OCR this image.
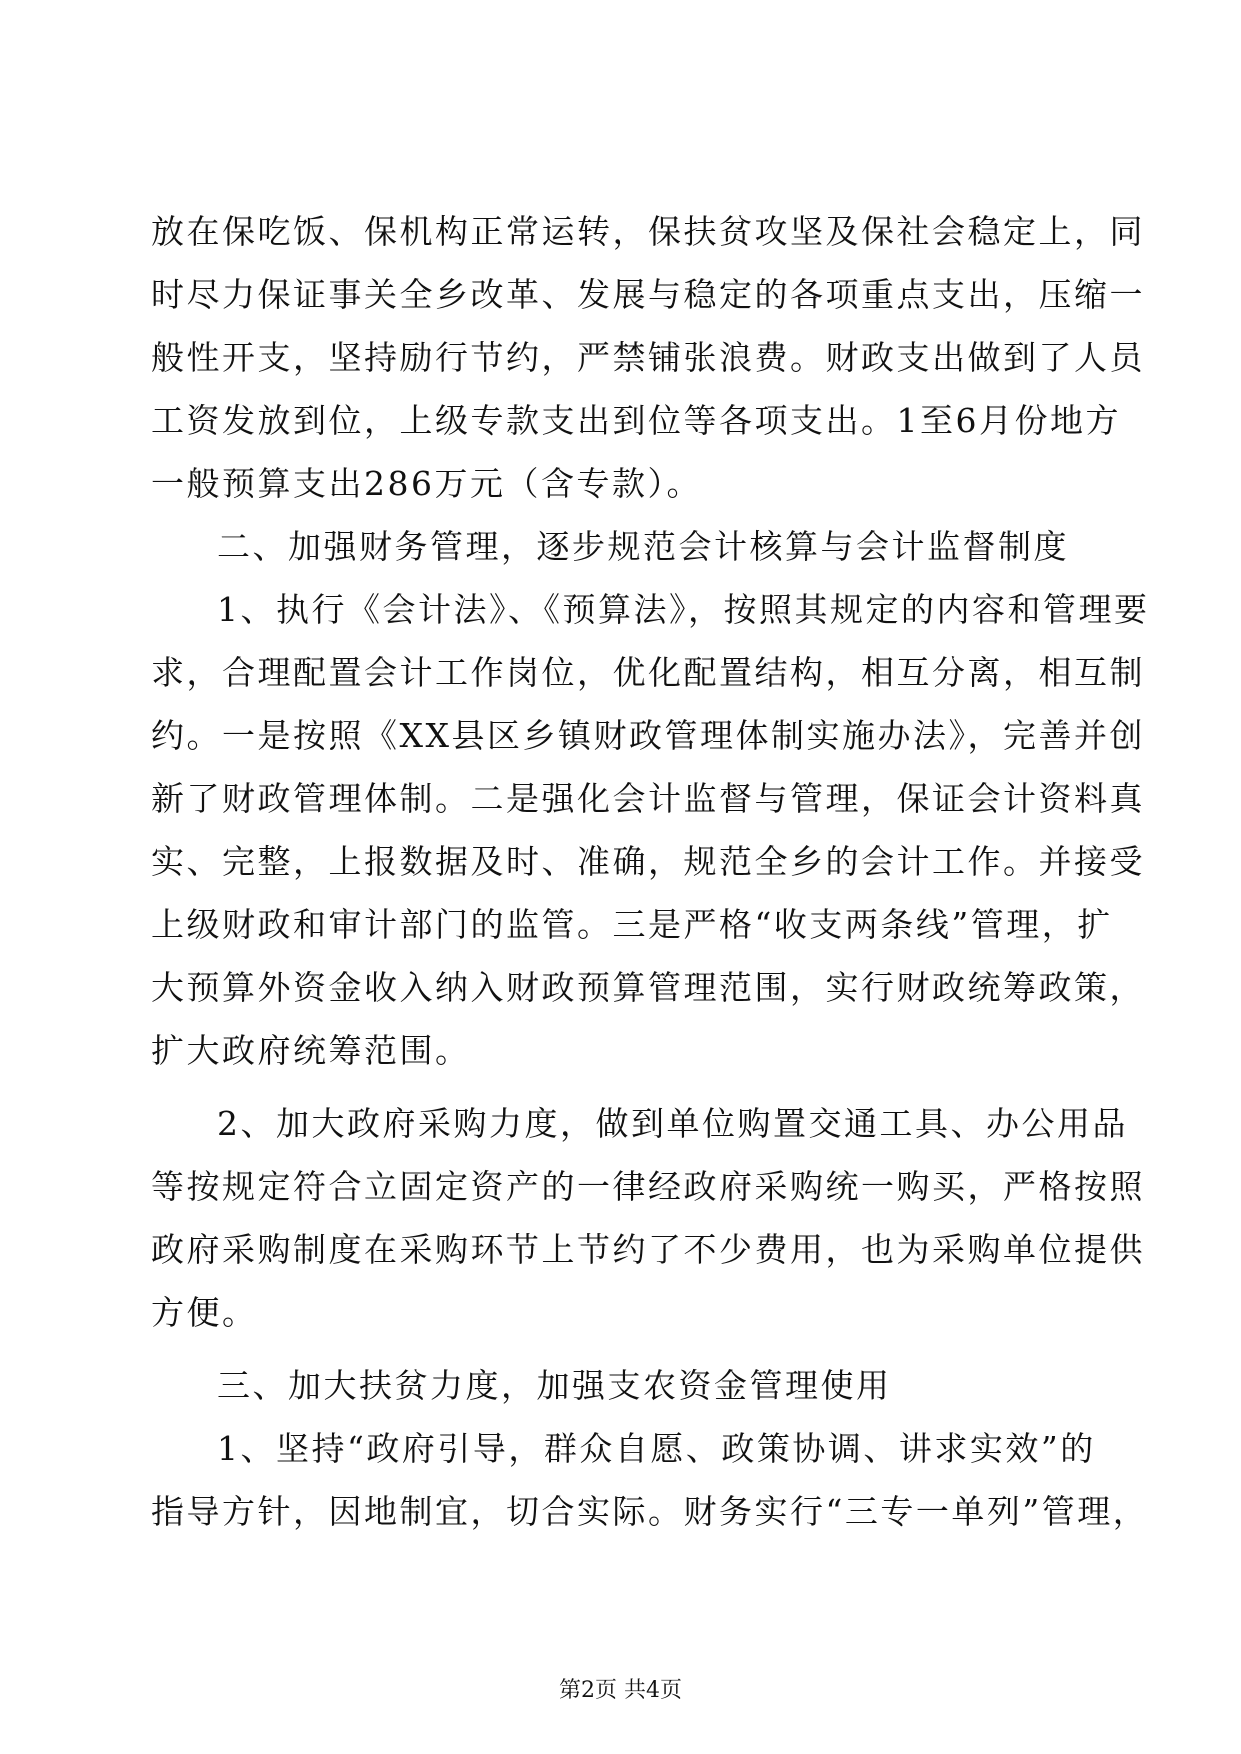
放在保吃饭、保机构正常运转，保扶贫攻坚及保社会稳定上，同
时尽力保证事关全乡改革、发展与稳定的各项重点支出，压缩一
般性开支，坚持励行节约，严禁铺张浪费。财政支出做到了人员
工资发放到位，上级专款支出到位等各项支出。1至6月份地方
一般预算支出286万元（含专款）。
二、加强财务管理，逐步规范会计核算与会计监督制度
1、执行《会计法》、《预算法》，按照其规定的内容和管理要
求，合理配置会计工作岗位，优化配置结构，相互分离，相互制
约。一是按照《XX县区乡镇财政管理体制实施办法》，完善并创
新了财政管理体制。二是强化会计监督与管理，保证会计资料真
实、完整，上报数据及时、准确，规范全乡的会计工作。并接受
上级财政和审计部门的监管。三是严格“收支两条线”管理，扩
大预算外资金收入纳入财政预算管理范围，实行财政统筹政策，
扩大政府统筹范围。
2、加大政府采购力度，做到单位购置交通工具、办公用品
等按规定符合立固定资产的一律经政府采购统一购买，严格按照
政府采购制度在采购环节上节约了不少费用，也为采购单位提供
方便。
三、加大扶贫力度，加强支农资金管理使用
1、坚持“政府引导，群众自愿、政策协调、讲求实效”的
指导方针，因地制宜，切合实际。财务实行“三专一单列”管理，
第2页 共4页
